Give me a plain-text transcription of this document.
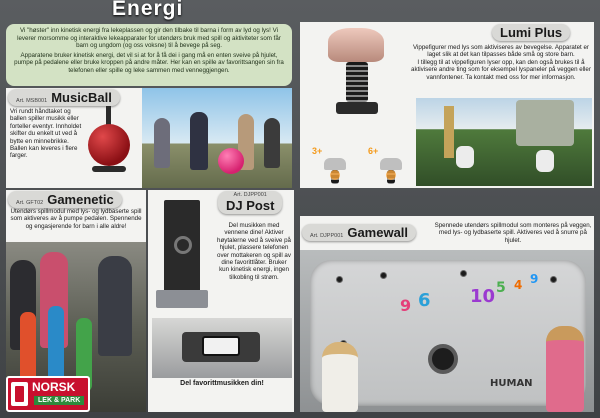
Energi

Vi "høster" inn kinetisk energi fra lekeplassen og gir den tilbake til barna i form av lyd og lys! Vi leverer morsomme og interaktive lekeapparater for utendørs bruk med spill og aktiviteter som får barn og ungdom (og oss voksne) til å bevege på seg.

Apparatene bruker kinetisk energi, det vil si at for å få dei i gang må en enten sveive på hjulet, pumpe på pedalene eller bruke kroppen på andre måter. Her kan en spille av favorittsangen sin fra telefonen eller spille og leke sammen med venneggjengen.

Art. MSB001 MusicBall
Vri rundt håndtaket og ballen spiller musikk eller forteller eventyr. Innholdet skifter du enkelt ut ved å bytte en minnebrikke. Ballen kan leveres i flere farger.
Lumi Plus
Vippefigurer med lys som aktiviseres av bevegelse. Apparatet er laget slik at det kan tilpasses både små og store barn.
I tillegg til at vippefiguren lyser opp, kan den også brukes til å aktivisere andre ting som for eksempel lyspaneler på veggen eller vannfontener. Ta kontakt med oss for mer informasjon.
3+	6+
Art. GFT02 Gamenetic
Utendørs spillmodul med lys- og lydbaserte spill som aktiveres av å pumpe pedalen. Spennende og engasjerende for barn i alle aldre!
Art. DJPP001
DJ Post
Del musikken med vennene dine! Aktiver høytalerne ved å sveive på hjulet, plassere telefonen over mottakeren og spill av dine favorittlåter. Bruker kun kinetisk energi, ingen tilkobling til strøm.
Del favorittmusikken din!
Art. DJPP001 Gamewall	Spennede utendørs spillmodul som monteres på veggen, med lys- og lydbaserte spill. Aktiveres ved å snurre på hjulet.
9 6 10 5 4 9
HUMAN
NORSK
LEK & PARK
